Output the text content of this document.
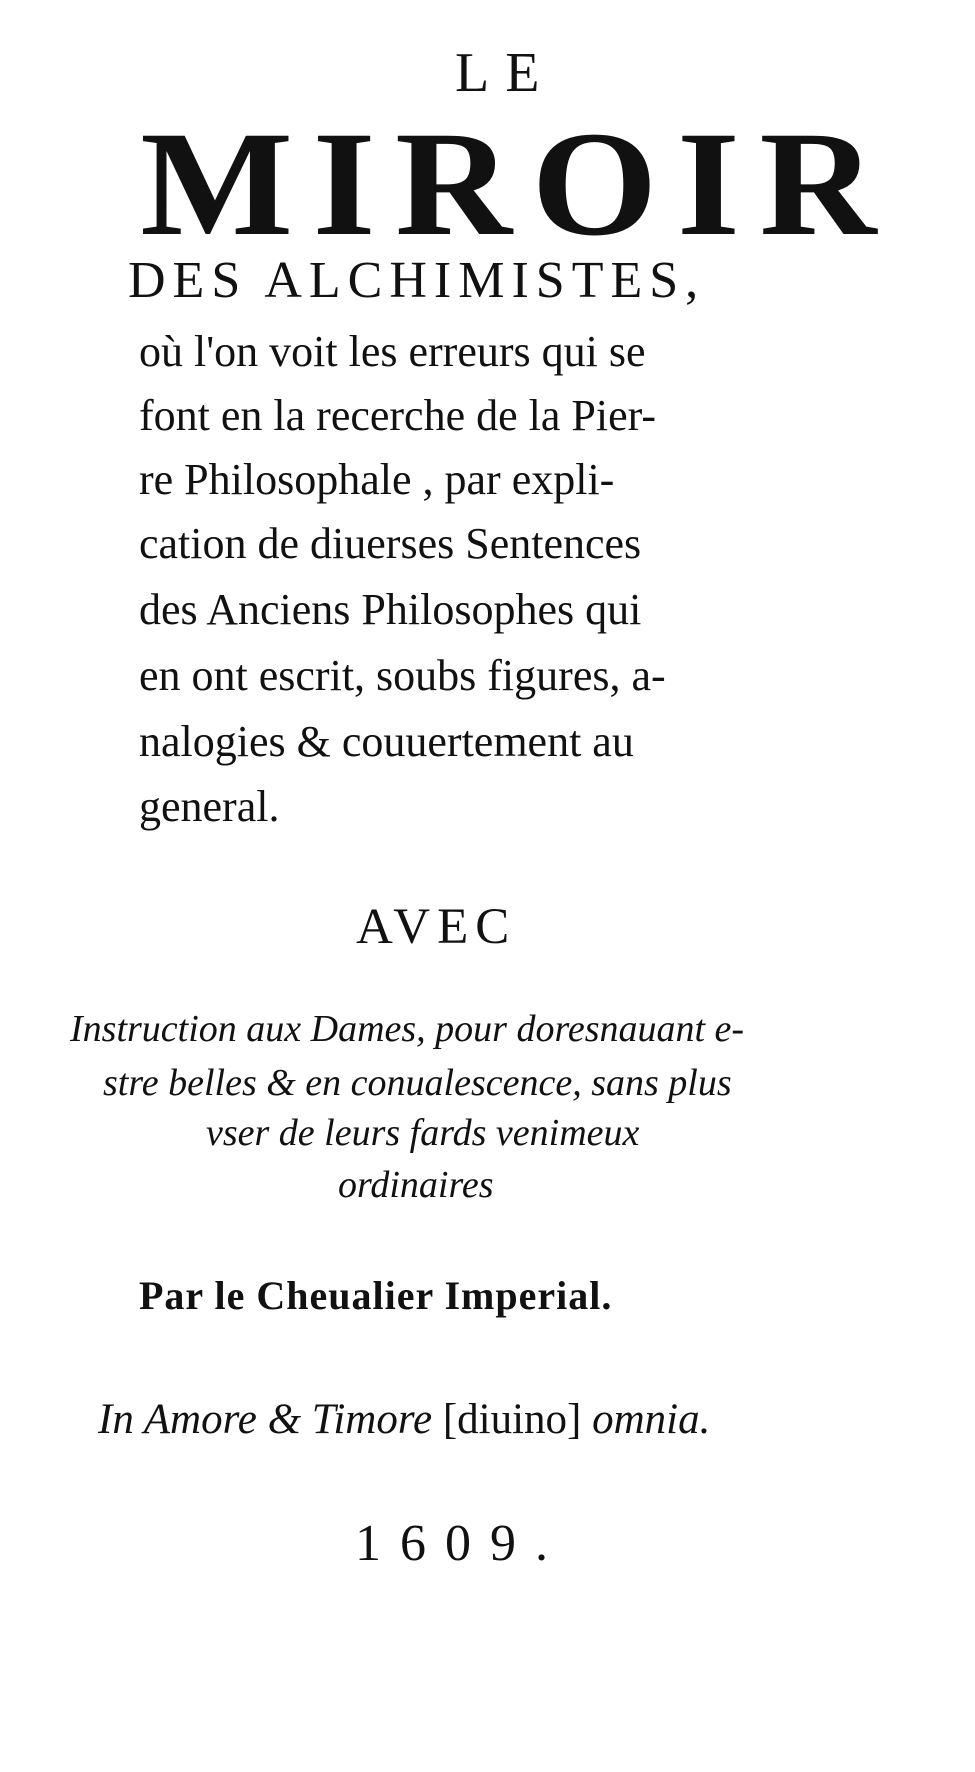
LE
MIROIR
DES ALCHIMISTES,
où l'on voit les erreurs qui se
font en la recerche de la Pier-
re Philosophale , par expli-
cation de diuerses Sentences
des Anciens Philosophes qui
en ont escrit, soubs figures, a-
nalogies & couuertement au
general.
AVEC
Instruction aux Dames, pour doresnauant e-
stre belles & en conualescence, sans plus
vser de leurs fards venimeux
ordinaires
Par le Cheualier Imperial.
In Amore & Timore [diuino] omnia.
1609.
